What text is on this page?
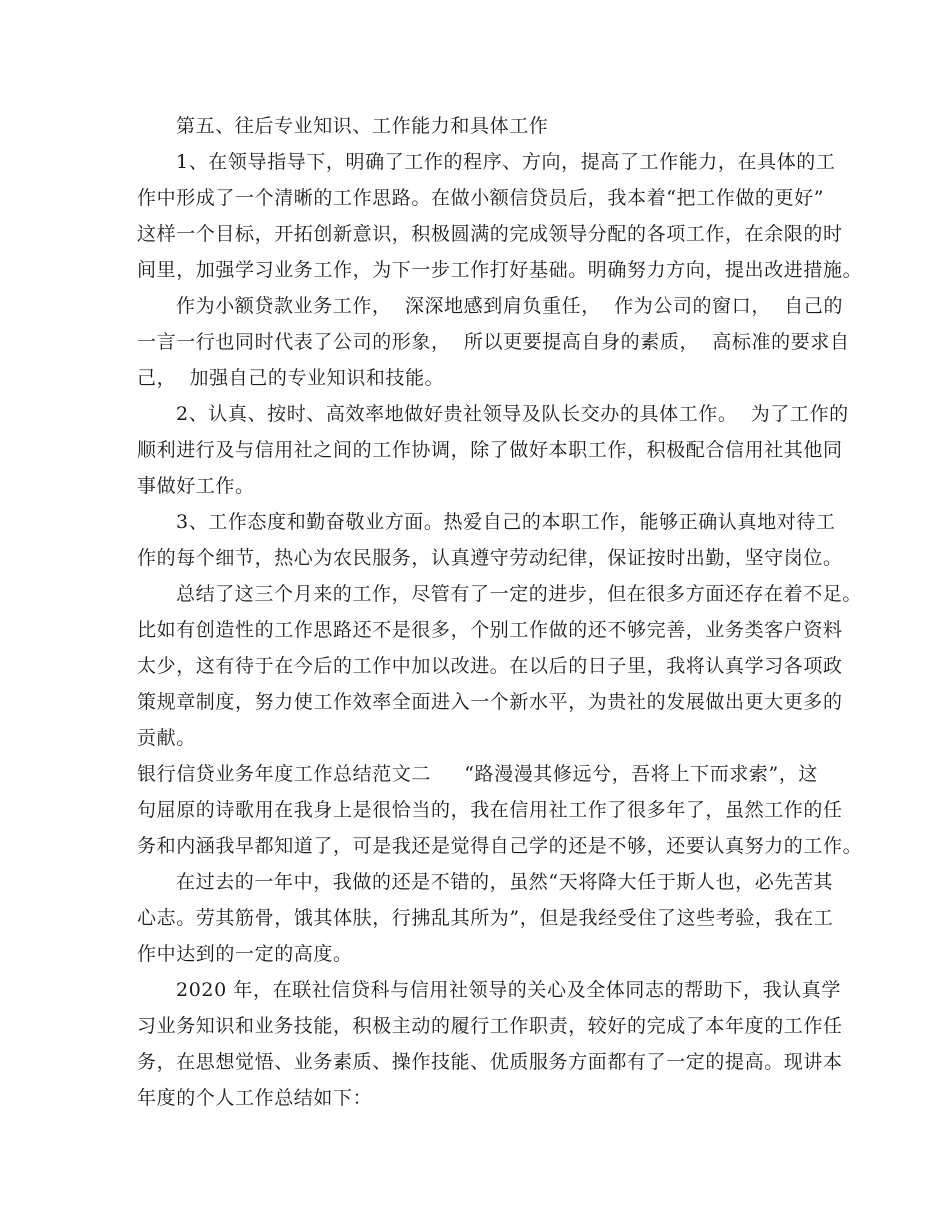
第五、往后专业知识、工作能力和具体工作
1、在领导指导下，明确了工作的程序、方向，提高了工作能力，在具体的工
作中形成了一个清晰的工作思路。在做小额信贷员后，我本着“把工作做的更好”
这样一个目标，开拓创新意识，积极圆满的完成领导分配的各项工作，在余限的时
间里，加强学习业务工作，为下一步工作打好基础。明确努力方向，提出改进措施。
作为小额贷款业务工作，  深深地感到肩负重任，  作为公司的窗口，  自己的
一言一行也同时代表了公司的形象，  所以更要提高自身的素质，  高标准的要求自
己，  加强自己的专业知识和技能。
2、认真、按时、高效率地做好贵社领导及队长交办的具体工作。  为了工作的
顺利进行及与信用社之间的工作协调，除了做好本职工作，积极配合信用社其他同
事做好工作。
3、工作态度和勤奋敬业方面。热爱自己的本职工作，能够正确认真地对待工
作的每个细节，热心为农民服务，认真遵守劳动纪律，保证按时出勤，坚守岗位。
总结了这三个月来的工作，尽管有了一定的进步，但在很多方面还存在着不足。
比如有创造性的工作思路还不是很多，个别工作做的还不够完善，业务类客户资料
太少，这有待于在今后的工作中加以改进。在以后的日子里，我将认真学习各项政
策规章制度，努力使工作效率全面进入一个新水平，为贵社的发展做出更大更多的
贡献。
银行信贷业务年度工作总结范文二     “路漫漫其修远兮，吾将上下而求索”，这
句屈原的诗歌用在我身上是很恰当的，我在信用社工作了很多年了，虽然工作的任
务和内涵我早都知道了，可是我还是觉得自己学的还是不够，还要认真努力的工作。
在过去的一年中，我做的还是不错的，虽然“天将降大任于斯人也，必先苦其
心志。劳其筋骨，饿其体肤，行拂乱其所为”，但是我经受住了这些考验，我在工
作中达到的一定的高度。
2020 年，在联社信贷科与信用社领导的关心及全体同志的帮助下，我认真学
习业务知识和业务技能，积极主动的履行工作职责，较好的完成了本年度的工作任
务，在思想觉悟、业务素质、操作技能、优质服务方面都有了一定的提高。现讲本
年度的个人工作总结如下：
